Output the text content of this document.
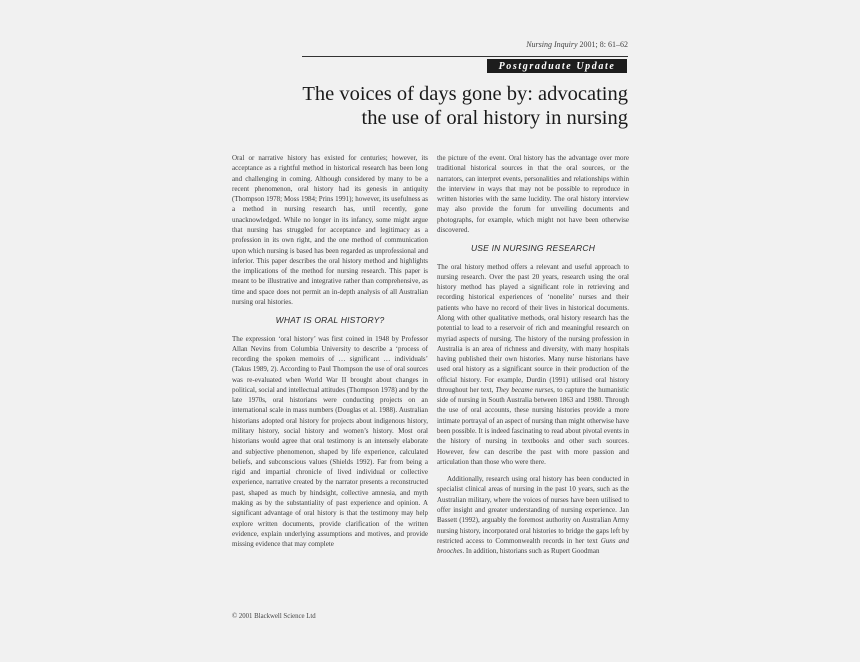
Nursing Inquiry 2001; 8: 61–62
Postgraduate Update
The voices of days gone by: advocating
the use of oral history in nursing

Oral or narrative history has existed for centuries; however, its acceptance as a rightful method in historical research has been long and challenging in coming. Although considered by many to be a recent phenomenon, oral history had its genesis in antiquity (Thompson 1978; Moss 1984; Prins 1991); however, its usefulness as a method in nursing research has, until recently, gone unacknowledged. While no longer in its infancy, some might argue that nursing has struggled for acceptance and legitimacy as a profession in its own right, and the one method of communication upon which nursing is based has been regarded as unprofessional and inferior. This paper describes the oral history method and highlights the implications of the method for nursing research. This paper is meant to be illustrative and integrative rather than comprehensive, as time and space does not permit an in-depth analysis of all Australian nursing oral histories.

WHAT IS ORAL HISTORY?

The expression ‘oral history’ was first coined in 1948 by Professor Allan Nevins from Columbia University to describe a ‘process of recording the spoken memoirs of … significant … individuals’ (Takus 1989, 2). According to Paul Thompson the use of oral sources was re-evaluated when World War II brought about changes in political, social and intellectual attitudes (Thompson 1978) and by the late 1970s, oral historians were conducting projects on an international scale in mass numbers (Douglas et al. 1988). Australian historians adopted oral history for projects about indigenous history, military history, social history and women’s history. Most oral historians would agree that oral testimony is an intensely elaborate and subjective phenomenon, shaped by life experience, calculated beliefs, and subconscious values (Shields 1992). Far from being a rigid and impartial chronicle of lived individual or collective experience, narrative created by the narrator presents a reconstructed past, shaped as much by hindsight, collective amnesia, and myth making as by the substantiality of past experience and opinion. A significant advantage of oral history is that the testimony may help explore written documents, provide clarification of the written evidence, explain underlying assumptions and motives, and provide missing evidence that may complete

the picture of the event. Oral history has the advantage over more traditional historical sources in that the oral sources, or the narrators, can interpret events, personalities and relationships within the interview in ways that may not be possible to reproduce in written histories with the same lucidity. The oral history interview may also provide the forum for unveiling documents and photographs, for example, which might not have been otherwise discovered.

USE IN NURSING RESEARCH

The oral history method offers a relevant and useful approach to nursing research. Over the past 20 years, research using the oral history method has played a significant role in retrieving and recording historical experiences of ‘nonelite’ nurses and their patients who have no record of their lives in historical documents. Along with other qualitative methods, oral history research has the potential to lead to a reservoir of rich and meaningful research on myriad aspects of nursing. The history of the nursing profession in Australia is an area of richness and diversity, with many hospitals having published their own histories. Many nurse historians have used oral history as a significant source in their production of the official history. For example, Durdin (1991) utilised oral history throughout her text, They became nurses, to capture the humanistic side of nursing in South Australia between 1863 and 1980. Through the use of oral accounts, these nursing histories provide a more intimate portrayal of an aspect of nursing than might otherwise have been possible. It is indeed fascinating to read about pivotal events in the history of nursing in textbooks and other such sources. However, few can describe the past with more passion and articulation than those who were there.

Additionally, research using oral history has been conducted in specialist clinical areas of nursing in the past 10 years, such as the Australian military, where the voices of nurses have been utilised to offer insight and greater understanding of nursing experience. Jan Bassett (1992), arguably the foremost authority on Australian Army nursing history, incorporated oral histories to bridge the gaps left by restricted access to Commonwealth records in her text Guns and brooches. In addition, historians such as Rupert Goodman

© 2001 Blackwell Science Ltd
